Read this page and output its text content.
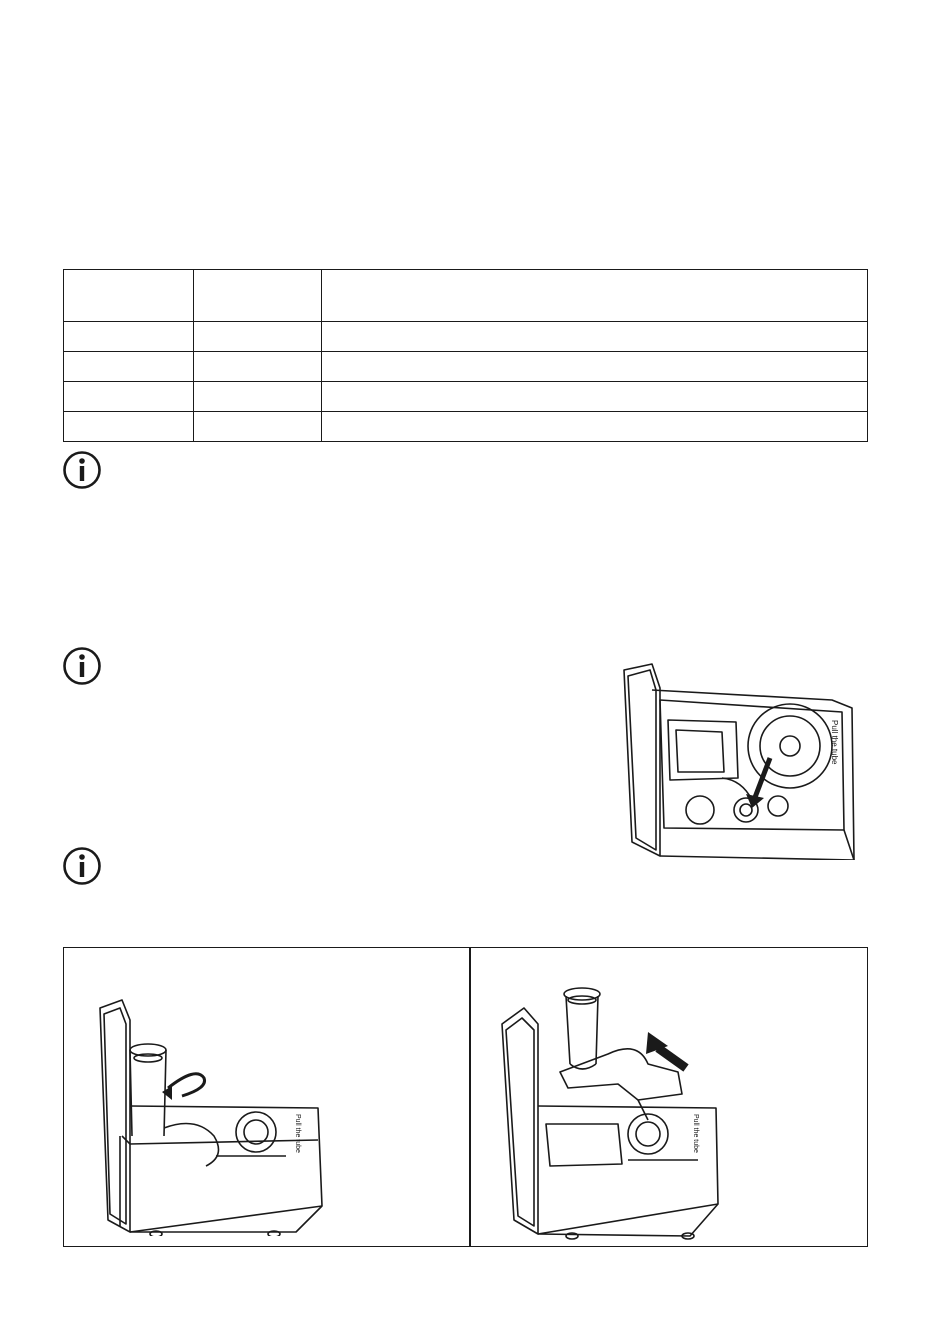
Pull the tube
Pull the tube	Pull the tube
